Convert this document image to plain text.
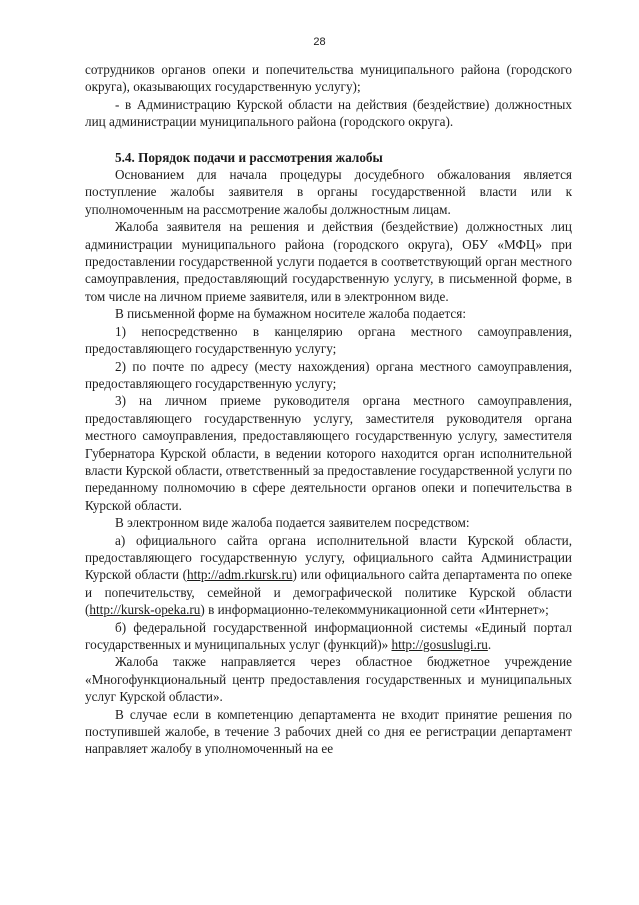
28

сотрудников органов опеки и попечительства муниципального района (городского округа), оказывающих государственную услугу);

- в Администрацию Курской области на действия (бездействие) должностных лиц администрации муниципального района (городского округа).

5.4. Порядок подачи и рассмотрения жалобы

Основанием для начала процедуры досудебного обжалования является поступление жалобы заявителя в органы государственной власти или к уполномоченным на рассмотрение жалобы должностным лицам.

Жалоба заявителя на решения и действия (бездействие) должностных лиц администрации муниципального района (городского округа), ОБУ «МФЦ» при предоставлении государственной услуги подается в соответствующий орган местного самоуправления, предоставляющий государственную услугу, в письменной форме, в том числе на личном приеме заявителя, или в электронном виде.

В письменной форме на бумажном носителе жалоба подается:

1) непосредственно в канцелярию органа местного самоуправления, предоставляющего государственную услугу;

2) по почте по адресу (месту нахождения) органа местного самоуправления, предоставляющего государственную услугу;

3) на личном приеме руководителя органа местного самоуправления, предоставляющего государственную услугу, заместителя руководителя органа местного самоуправления, предоставляющего государственную услугу, заместителя Губернатора Курской области, в ведении которого находится орган исполнительной власти Курской области, ответственный за предоставление государственной услуги по переданному полномочию в сфере деятельности органов опеки и попечительства в Курской области.

В электронном виде жалоба подается заявителем посредством:

а) официального сайта органа исполнительной власти Курской области, предоставляющего государственную услугу, официального сайта Администрации Курской области (http://adm.rkursk.ru) или официального сайта департамента по опеке и попечительству, семейной и демографической политике Курской области (http://kursk-opeka.ru) в информационно-телекоммуникационной сети «Интернет»;

б) федеральной государственной информационной системы «Единый портал государственных и муниципальных услуг (функций)» http://gosuslugi.ru.

Жалоба также направляется через областное бюджетное учреждение «Многофункциональный центр предоставления государственных и муниципальных услуг Курской области».

В случае если в компетенцию департамента не входит принятие решения по поступившей жалобе, в течение 3 рабочих дней со дня ее регистрации департамент направляет жалобу в уполномоченный на ее
